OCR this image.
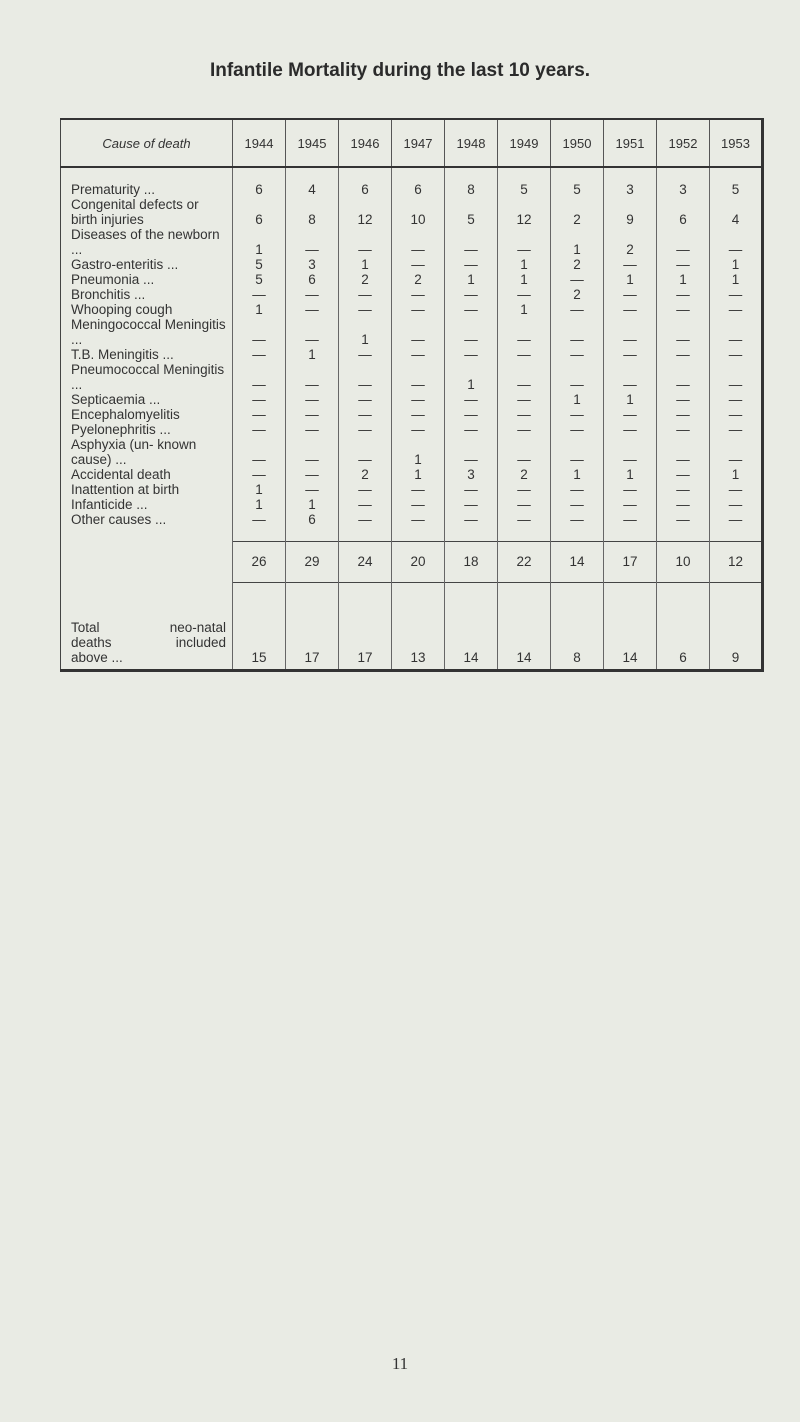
Infantile Mortality during the last 10 years.
Cause of death	1944	1945	1946	1947	1948	1949	1950	1951	1952	1953

Prematurity ...	6	4	6	6	8	5	5	3	3	5
Congenital defects or birth injuries	6	8	12	10	5	12	2	9	6	4
Diseases of the newborn ...	1	—	—	—	—	—	1	2	—	—
Gastro-enteritis ...	5	3	1	—	—	1	2	—	—	1
Pneumonia ...	5	6	2	2	1	1	—	1	1	1
Bronchitis ...	—	—	—	—	—	—	2	—	—	—
Whooping cough	1	—	—	—	—	1	—	—	—	—
Meningococcal Meningitis ...	—	—	1	—	—	—	—	—	—	—
T.B. Meningitis ...	—	1	—	—	—	—	—	—	—	—
Pneumococcal Meningitis ...	—	—	—	—	1	—	—	—	—	—
Septicaemia ...	—	—	—	—	—	—	1	1	—	—
Encephalomyelitis	—	—	—	—	—	—	—	—	—	—
Pyelonephritis ...	—	—	—	—	—	—	—	—	—	—
Asphyxia (un- known cause) ...	—	—	—	1	—	—	—	—	—	—
Accidental death	—	—	2	1	3	2	1	1	—	1
Inattention at birth	1	—	—	—	—	—	—	—	—	—
Infanticide ...	1	1	—	—	—	—	—	—	—	—
Other causes ...	—	6	—	—	—	—	—	—	—	—

	26	29	24	20	18	22	14	17	10	12

Total neo-natal
deaths included
above ...	15	17	17	13	14	14	8	14	6	9
11
